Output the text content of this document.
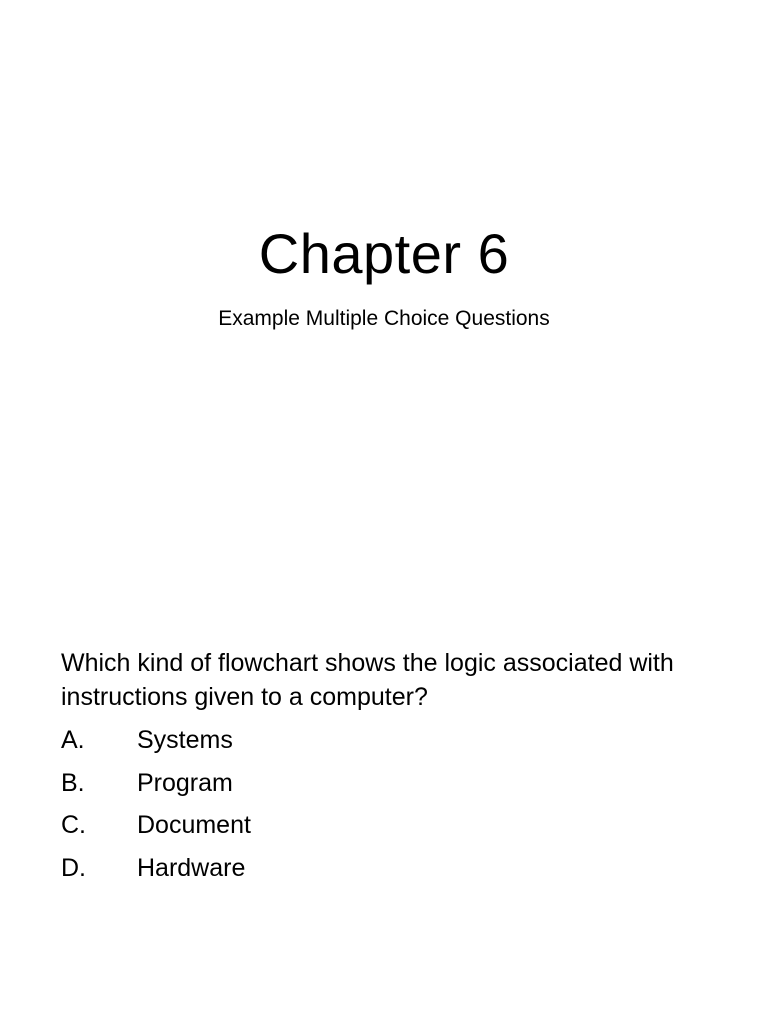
Chapter 6

Example Multiple Choice Questions

Which kind of flowchart shows the logic associated with instructions given to a computer?

A.	Systems
B.	Program
C.	Document
D.	Hardware
